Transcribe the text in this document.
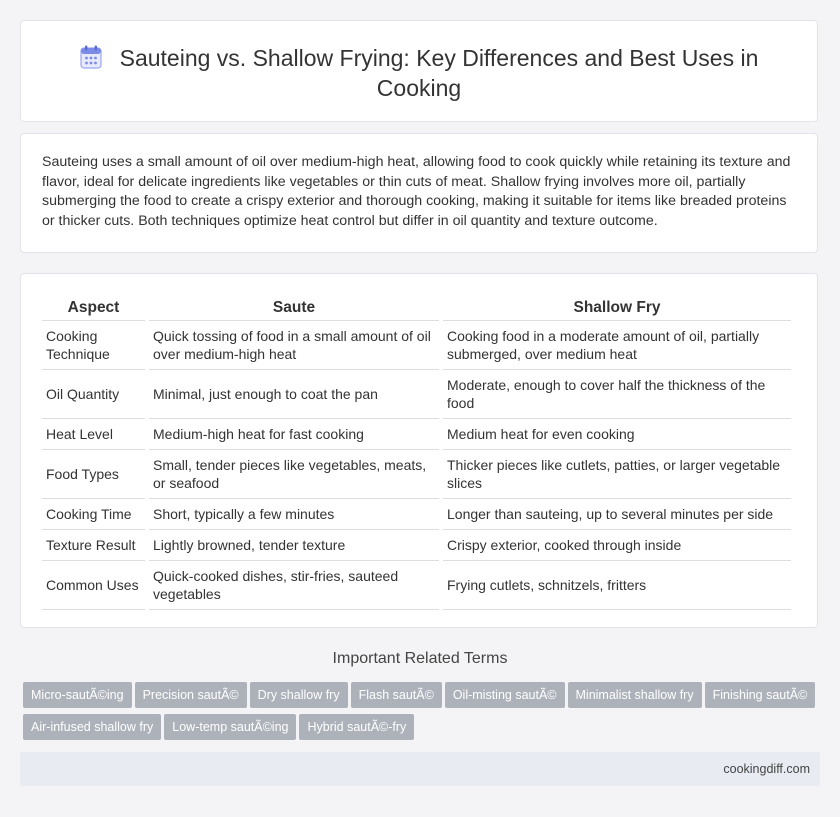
Sauteing vs. Shallow Frying: Key Differences and Best Uses in Cooking
Sauteing uses a small amount of oil over medium-high heat, allowing food to cook quickly while retaining its texture and flavor, ideal for delicate ingredients like vegetables or thin cuts of meat. Shallow frying involves more oil, partially submerging the food to create a crispy exterior and thorough cooking, making it suitable for items like breaded proteins or thicker cuts. Both techniques optimize heat control but differ in oil quantity and texture outcome.
Aspect	Saute	Shallow Fry
Cooking Technique	Quick tossing of food in a small amount of oil over medium-high heat	Cooking food in a moderate amount of oil, partially submerged, over medium heat
Oil Quantity	Minimal, just enough to coat the pan	Moderate, enough to cover half the thickness of the food
Heat Level	Medium-high heat for fast cooking	Medium heat for even cooking
Food Types	Small, tender pieces like vegetables, meats, or seafood	Thicker pieces like cutlets, patties, or larger vegetable slices
Cooking Time	Short, typically a few minutes	Longer than sauteing, up to several minutes per side
Texture Result	Lightly browned, tender texture	Crispy exterior, cooked through inside
Common Uses	Quick-cooked dishes, stir-fries, sauteed vegetables	Frying cutlets, schnitzels, fritters
Important Related Terms
Micro-sautÃ©ing Precision sautÃ© Dry shallow fry Flash sautÃ© Oil-misting sautÃ© Minimalist shallow fry Finishing sautÃ©
Air-infused shallow fry Low-temp sautÃ©ing Hybrid sautÃ©-fry
cookingdiff.com
